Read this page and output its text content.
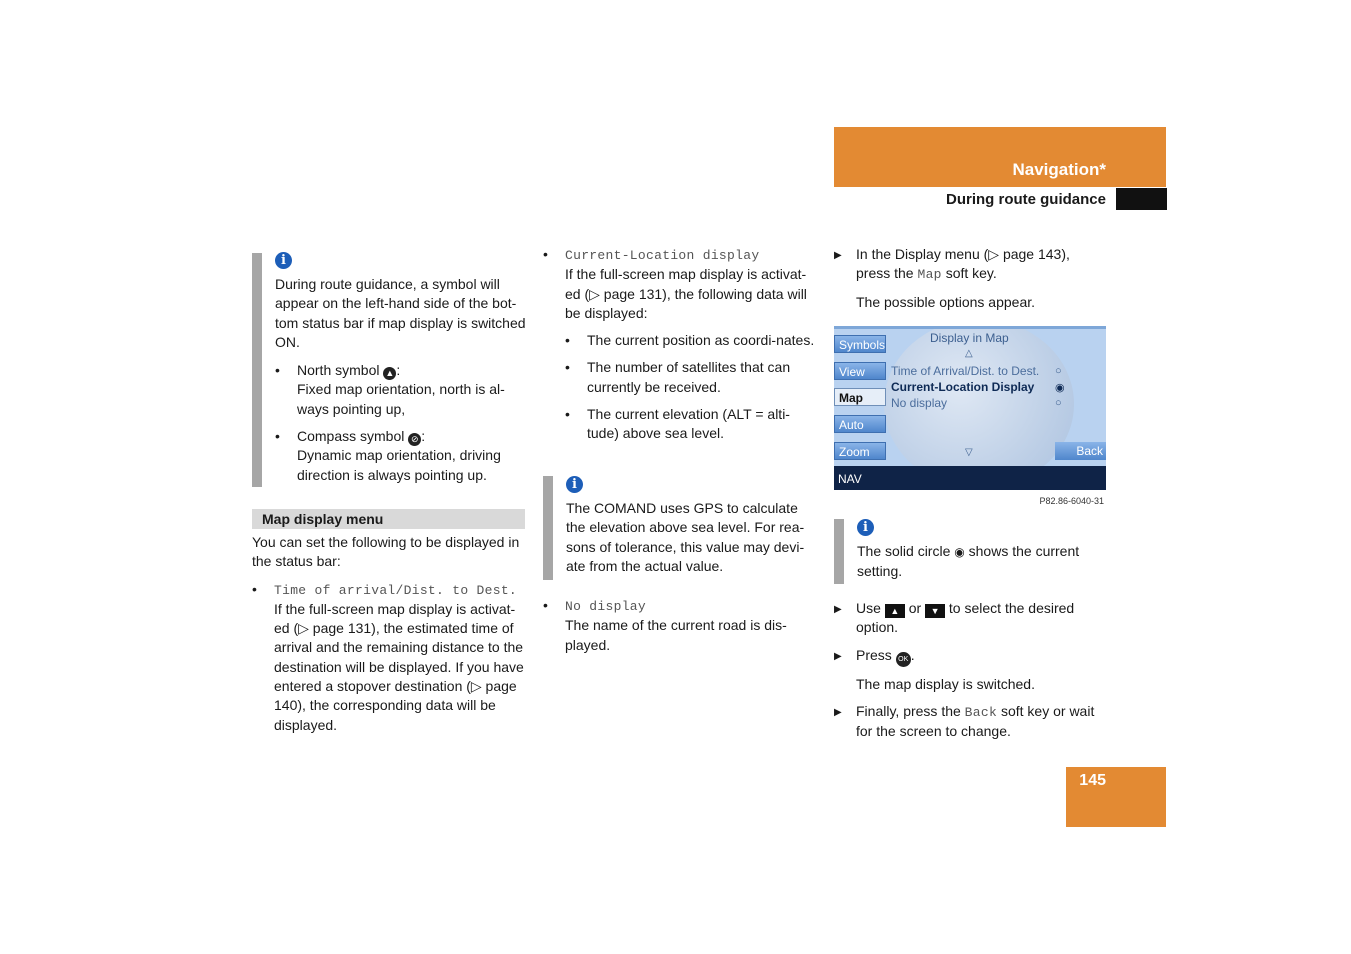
Navigation*
During route guidance
i

During route guidance, a symbol will appear on the left-hand side of the bot-tom status bar if map display is switched ON.

• North symbol ▲ :
Fixed map orientation, north is al-ways pointing up,
• Compass symbol ⊘ :
Dynamic map orientation, driving direction is always pointing up.
Map display menu

You can set the following to be displayed in the status bar:

• Time of arrival/Dist. to Dest.
If the full-screen map display is activat-ed (▷ page 131), the estimated time of arrival and the remaining distance to the destination will be displayed. If you have entered a stopover destination (▷ page 140), the corresponding data will be displayed.
• Current-Location display
If the full-screen map display is activat-ed (▷ page 131), the following data will be displayed:
• The current position as coordi-nates.
• The number of satellites that can currently be received.
• The current elevation (ALT = alti-tude) above sea level.
i

The COMAND uses GPS to calculate the elevation above sea level. For rea-sons of tolerance, this value may devi-ate from the actual value.

• No display
The name of the current road is dis-played.
▶ In the Display menu (▷ page 143), press the Map soft key.

The possible options appear.

Symbols
View
Map
Auto
Zoom
Display in Map
△
Time of Arrival/Dist. to Dest.	○
Current-Location Display	◉
No display	○
▽	Back
NAV
P82.86-6040-31
i

The solid circle ◉ shows the current setting.

▶ Use ▲ or ▼ to select the desired option.
▶ Press OK .

The map display is switched.

▶ Finally, press the Back soft key or wait for the screen to change.
145
